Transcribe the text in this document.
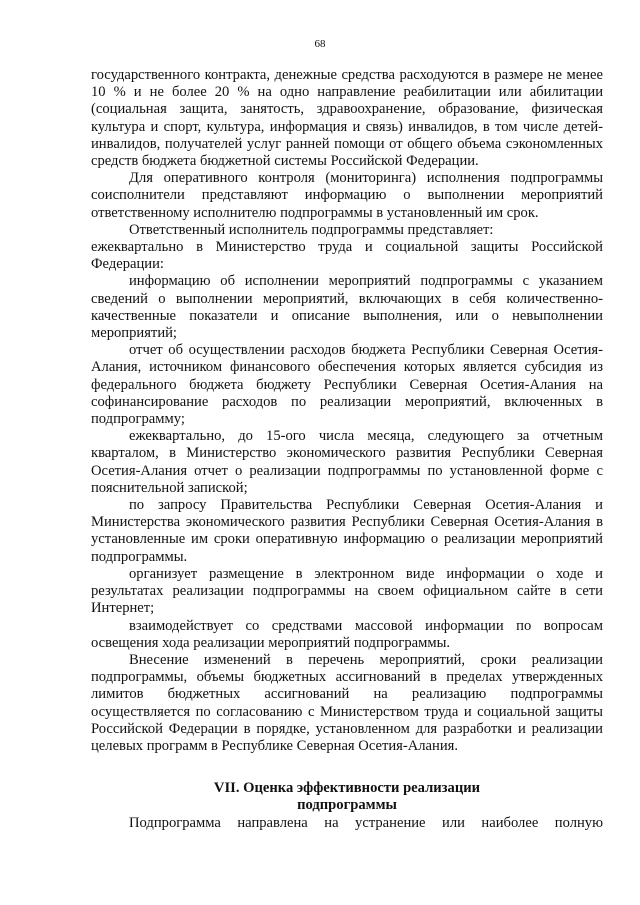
68

государственного контракта, денежные средства расходуются в размере не менее 10 % и не более 20 % на одно направление реабилитации или абилитации (социальная защита, занятость, здравоохранение, образование, физическая культура и спорт, культура, информация и связь) инвалидов, в том числе детей-инвалидов, получателей услуг ранней помощи от общего объема сэкономленных средств бюджета бюджетной системы Российской Федерации.

Для оперативного контроля (мониторинга) исполнения подпрограммы соисполнители представляют информацию о выполнении мероприятий ответственному исполнителю подпрограммы в установленный им срок.

Ответственный исполнитель подпрограммы представляет:

ежеквартально в Министерство труда и социальной защиты Российской Федерации:

информацию об исполнении мероприятий подпрограммы с указанием сведений о выполнении мероприятий, включающих в себя количественно-качественные показатели и описание выполнения, или о невыполнении мероприятий;

отчет об осуществлении расходов бюджета Республики Северная Осетия-Алания, источником финансового обеспечения которых является субсидия из федерального бюджета бюджету Республики Северная Осетия-Алания на софинансирование расходов по реализации мероприятий, включенных в подпрограмму;

ежеквартально, до 15-ого числа месяца, следующего за отчетным кварталом, в Министерство экономического развития Республики Северная Осетия-Алания отчет о реализации подпрограммы по установленной форме с пояснительной запиской;

по запросу Правительства Республики Северная Осетия-Алания и Министерства экономического развития Республики Северная Осетия-Алания в установленные им сроки оперативную информацию о реализации мероприятий подпрограммы.

организует размещение в электронном виде информации о ходе и результатах реализации подпрограммы на своем официальном сайте в сети Интернет;

взаимодействует со средствами массовой информации по вопросам освещения хода реализации мероприятий подпрограммы.

Внесение изменений в перечень мероприятий, сроки реализации подпрограммы, объемы бюджетных ассигнований в пределах утвержденных лимитов бюджетных ассигнований на реализацию подпрограммы осуществляется по согласованию с Министерством труда и социальной защиты Российской Федерации в порядке, установленном для разработки и реализации целевых программ в Республике Северная Осетия-Алания.

VII. Оценка эффективности реализации
подпрограммы

Подпрограмма направлена на устранение или наиболее полную
